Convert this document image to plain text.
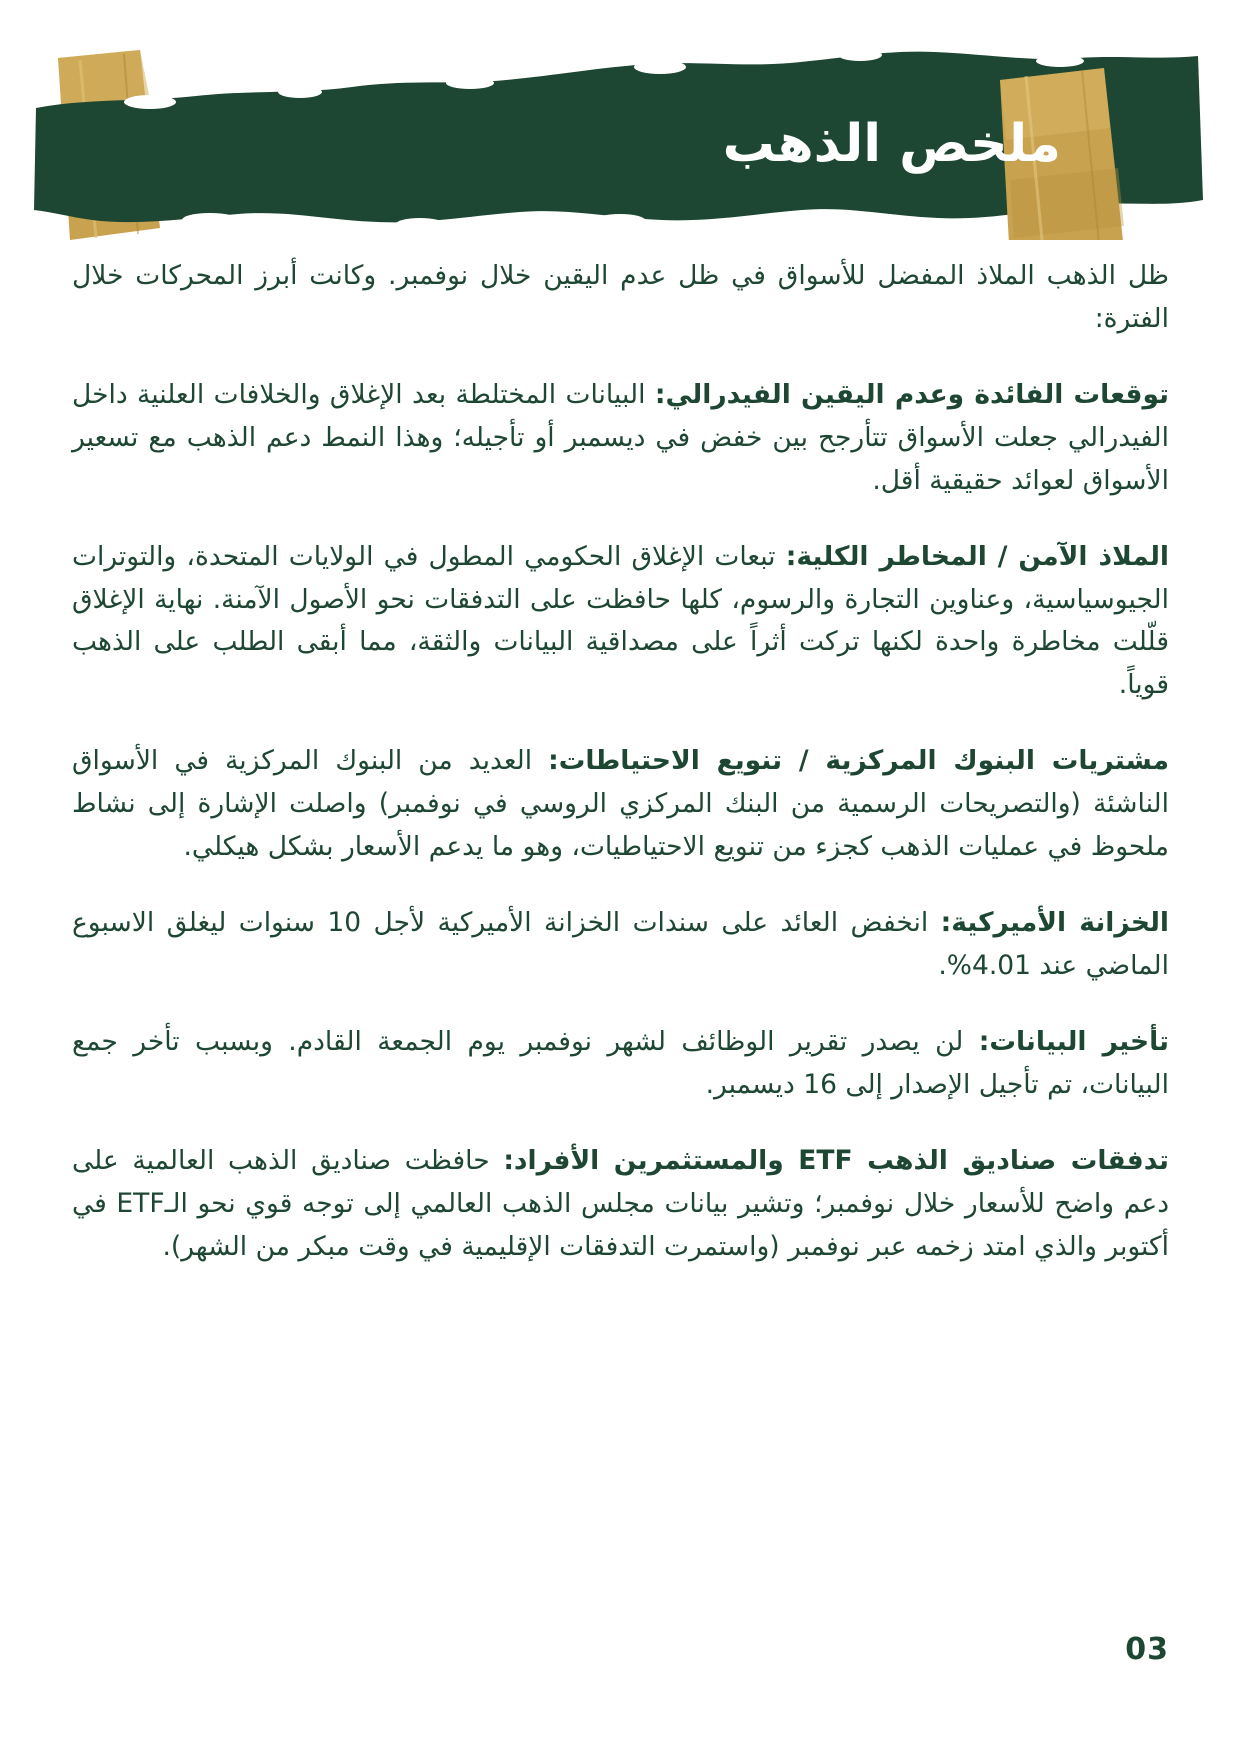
ملخص الذهب

ظل الذهب الملاذ المفضل للأسواق في ظل عدم اليقين خلال نوفمبر. وكانت أبرز المحركات خلال الفترة:

توقعات الفائدة وعدم اليقين الفيدرالي: البيانات المختلطة بعد الإغلاق والخلافات العلنية داخل الفيدرالي جعلت الأسواق تتأرجح بين خفض في ديسمبر أو تأجيله؛ وهذا النمط دعم الذهب مع تسعير الأسواق لعوائد حقيقية أقل.

الملاذ الآمن / المخاطر الكلية: تبعات الإغلاق الحكومي المطول في الولايات المتحدة، والتوترات الجيوسياسية، وعناوين التجارة والرسوم، كلها حافظت على التدفقات نحو الأصول الآمنة. نهاية الإغلاق قلّلت مخاطرة واحدة لكنها تركت أثراً على مصداقية البيانات والثقة، مما أبقى الطلب على الذهب قوياً.

مشتريات البنوك المركزية / تنويع الاحتياطات: العديد من البنوك المركزية في الأسواق الناشئة (والتصريحات الرسمية من البنك المركزي الروسي في نوفمبر) واصلت الإشارة إلى نشاط ملحوظ في عمليات الذهب كجزء من تنويع الاحتياطيات، وهو ما يدعم الأسعار بشكل هيكلي.

الخزانة الأميركية: انخفض العائد على سندات الخزانة الأميركية لأجل 10 سنوات ليغلق الاسبوع الماضي عند 4.01%.

تأخير البيانات: لن يصدر تقرير الوظائف لشهر نوفمبر يوم الجمعة القادم. وبسبب تأخر جمع البيانات، تم تأجيل الإصدار إلى 16 ديسمبر.

تدفقات صناديق الذهب ETF والمستثمرين الأفراد: حافظت صناديق الذهب العالمية على دعم واضح للأسعار خلال نوفمبر؛ وتشير بيانات مجلس الذهب العالمي إلى توجه قوي نحو الـETF في أكتوبر والذي امتد زخمه عبر نوفمبر (واستمرت التدفقات الإقليمية في وقت مبكر من الشهر).

03
